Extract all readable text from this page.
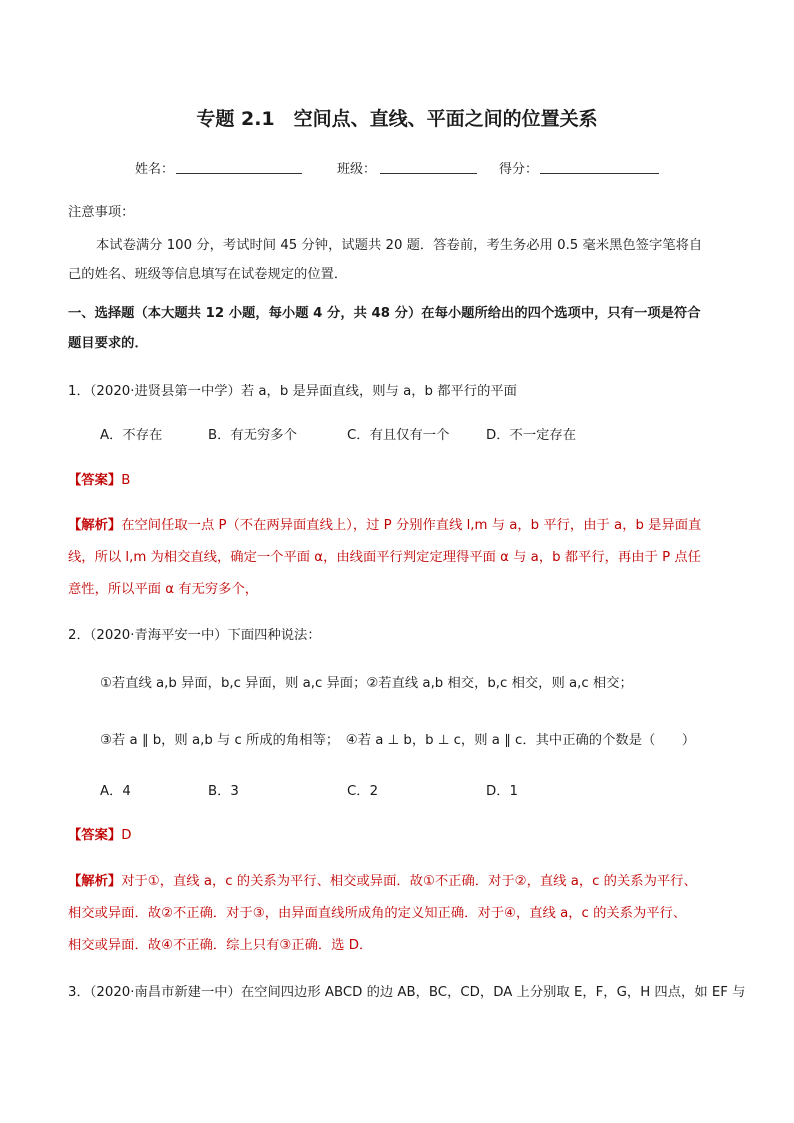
专题 2.1　空间点、直线、平面之间的位置关系
姓名：	班级：	得分：
注意事项：
本试卷满分 100 分，考试时间 45 分钟，试题共 20 题．答卷前，考生务必用 0.5 毫米黑色签字笔将自
己的姓名、班级等信息填写在试卷规定的位置．
一、选择题（本大题共 12 小题，每小题 4 分，共 48 分）在每小题所给出的四个选项中，只有一项是符合
题目要求的．
1．（2020·进贤县第一中学）若 a，b 是异面直线，则与 a，b 都平行的平面
A．不存在	B．有无穷多个	C．有且仅有一个	D．不一定存在
【答案】B
【解析】在空间任取一点 P（不在两异面直线上），过 P 分别作直线 l,m 与 a，b 平行，由于 a，b 是异面直
线，所以 l,m 为相交直线，确定一个平面 α，由线面平行判定定理得平面 α 与 a，b 都平行，再由于 P 点任
意性，所以平面 α 有无穷多个，
2．（2020·青海平安一中）下面四种说法：
①若直线 a,b 异面，b,c 异面，则 a,c 异面；②若直线 a,b 相交，b,c 相交，则 a,c 相交；
③若 a ∥ b，则 a,b 与 c 所成的角相等；　④若 a ⊥ b，b ⊥ c，则 a ∥ c．其中正确的个数是（　　）
A．4	B．3	C．2	D．1
【答案】D
【解析】对于①，直线 a，c 的关系为平行、相交或异面．故①不正确．对于②，直线 a，c 的关系为平行、
相交或异面．故②不正确．对于③，由异面直线所成角的定义知正确．对于④，直线 a，c 的关系为平行、
相交或异面．故④不正确．综上只有③正确．选 D．
3．（2020·南昌市新建一中）在空间四边形 ABCD 的边 AB，BC，CD，DA 上分别取 E，F，G，H 四点，如 EF 与
